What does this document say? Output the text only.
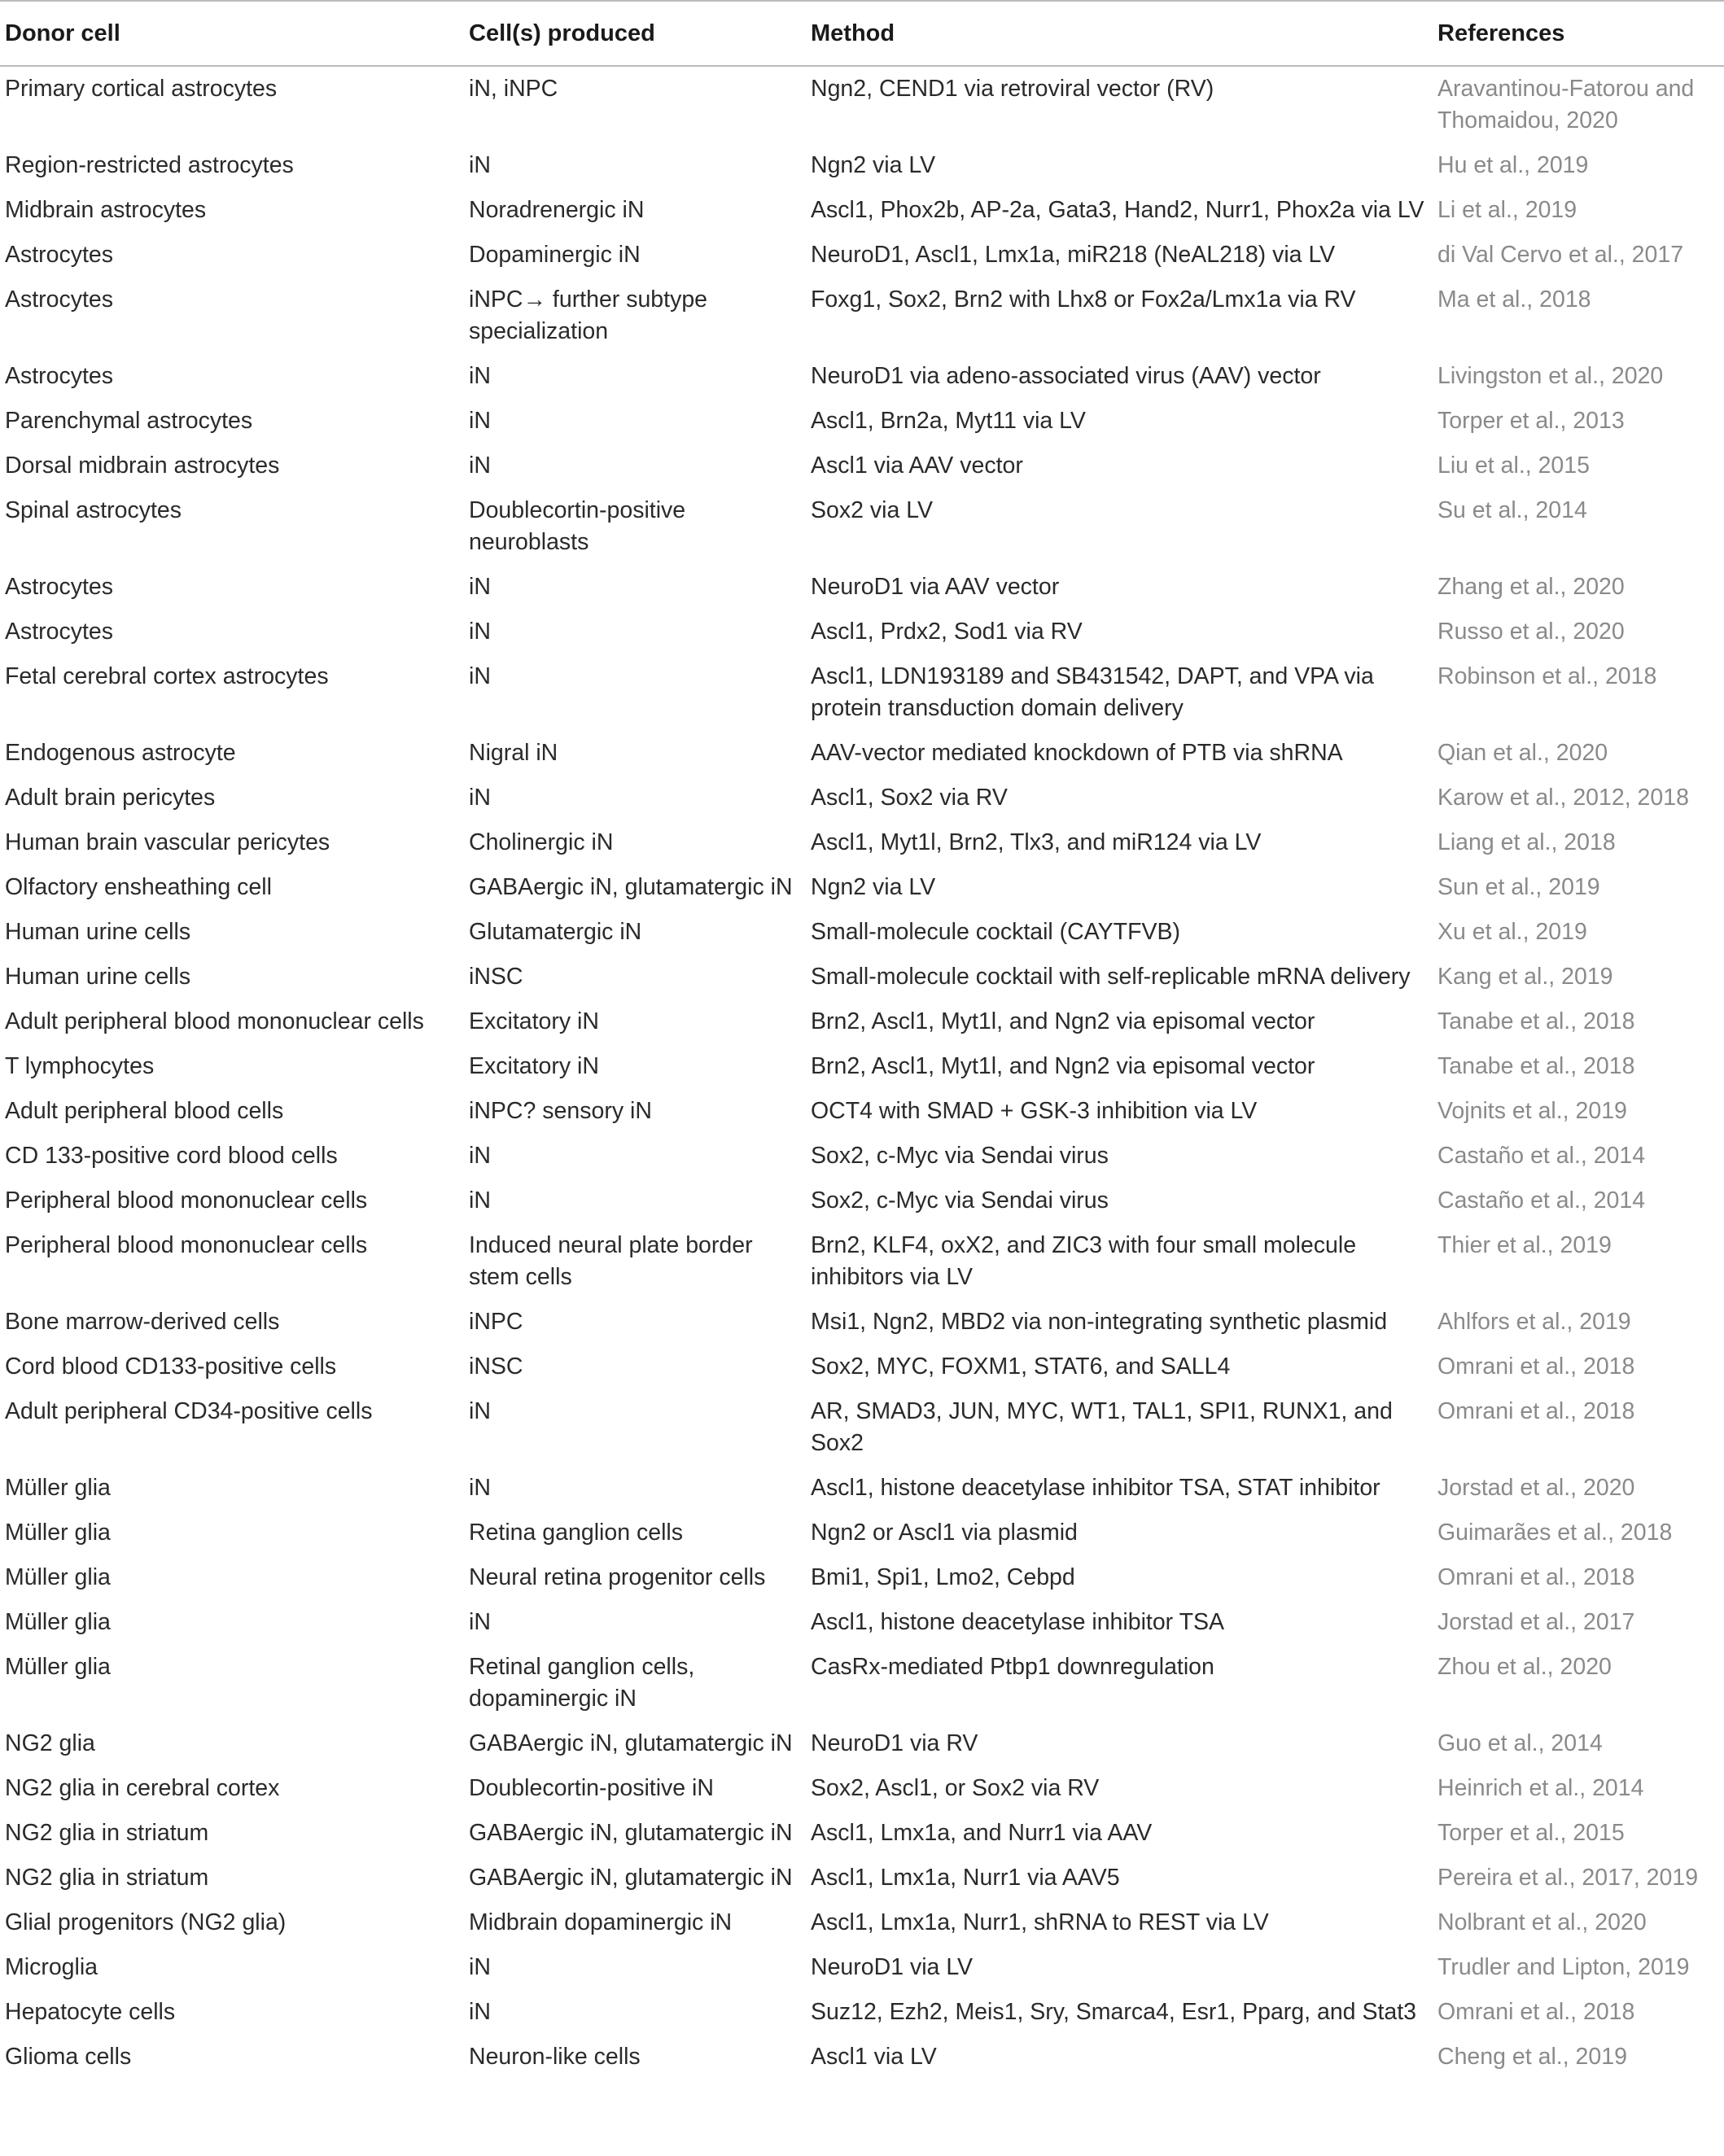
Donor cell	Cell(s) produced	Method	References
Primary cortical astrocytes	iN, iNPC	Ngn2, CEND1 via retroviral vector (RV)	Aravantinou-Fatorou and Thomaidou, 2020
Region-restricted astrocytes	iN	Ngn2 via LV	Hu et al., 2019
Midbrain astrocytes	Noradrenergic iN	Ascl1, Phox2b, AP-2a, Gata3, Hand2, Nurr1, Phox2a via LV	Li et al., 2019
Astrocytes	Dopaminergic iN	NeuroD1, Ascl1, Lmx1a, miR218 (NeAL218) via LV	di Val Cervo et al., 2017
Astrocytes	iNPC→ further subtype specialization	Foxg1, Sox2, Brn2 with Lhx8 or Fox2a/Lmx1a via RV	Ma et al., 2018
Astrocytes	iN	NeuroD1 via adeno-associated virus (AAV) vector	Livingston et al., 2020
Parenchymal astrocytes	iN	Ascl1, Brn2a, Myt11 via LV	Torper et al., 2013
Dorsal midbrain astrocytes	iN	Ascl1 via AAV vector	Liu et al., 2015
Spinal astrocytes	Doublecortin-positive neuroblasts	Sox2 via LV	Su et al., 2014
Astrocytes	iN	NeuroD1 via AAV vector	Zhang et al., 2020
Astrocytes	iN	Ascl1, Prdx2, Sod1 via RV	Russo et al., 2020
Fetal cerebral cortex astrocytes	iN	Ascl1, LDN193189 and SB431542, DAPT, and VPA via protein transduction domain delivery	Robinson et al., 2018
Endogenous astrocyte	Nigral iN	AAV-vector mediated knockdown of PTB via shRNA	Qian et al., 2020
Adult brain pericytes	iN	Ascl1, Sox2 via RV	Karow et al., 2012, 2018
Human brain vascular pericytes	Cholinergic iN	Ascl1, Myt1l, Brn2, Tlx3, and miR124 via LV	Liang et al., 2018
Olfactory ensheathing cell	GABAergic iN, glutamatergic iN	Ngn2 via LV	Sun et al., 2019
Human urine cells	Glutamatergic iN	Small-molecule cocktail (CAYTFVB)	Xu et al., 2019
Human urine cells	iNSC	Small-molecule cocktail with self-replicable mRNA delivery	Kang et al., 2019
Adult peripheral blood mononuclear cells	Excitatory iN	Brn2, Ascl1, Myt1l, and Ngn2 via episomal vector	Tanabe et al., 2018
T lymphocytes	Excitatory iN	Brn2, Ascl1, Myt1l, and Ngn2 via episomal vector	Tanabe et al., 2018
Adult peripheral blood cells	iNPC? sensory iN	OCT4 with SMAD + GSK-3 inhibition via LV	Vojnits et al., 2019
CD 133-positive cord blood cells	iN	Sox2, c-Myc via Sendai virus	Castaño et al., 2014
Peripheral blood mononuclear cells	iN	Sox2, c-Myc via Sendai virus	Castaño et al., 2014
Peripheral blood mononuclear cells	Induced neural plate border stem cells	Brn2, KLF4, oxX2, and ZIC3 with four small molecule inhibitors via LV	Thier et al., 2019
Bone marrow-derived cells	iNPC	Msi1, Ngn2, MBD2 via non-integrating synthetic plasmid	Ahlfors et al., 2019
Cord blood CD133-positive cells	iNSC	Sox2, MYC, FOXM1, STAT6, and SALL4	Omrani et al., 2018
Adult peripheral CD34-positive cells	iN	AR, SMAD3, JUN, MYC, WT1, TAL1, SPI1, RUNX1, and Sox2	Omrani et al., 2018
Müller glia	iN	Ascl1, histone deacetylase inhibitor TSA, STAT inhibitor	Jorstad et al., 2020
Müller glia	Retina ganglion cells	Ngn2 or Ascl1 via plasmid	Guimarães et al., 2018
Müller glia	Neural retina progenitor cells	Bmi1, Spi1, Lmo2, Cebpd	Omrani et al., 2018
Müller glia	iN	Ascl1, histone deacetylase inhibitor TSA	Jorstad et al., 2017
Müller glia	Retinal ganglion cells, dopaminergic iN	CasRx-mediated Ptbp1 downregulation	Zhou et al., 2020
NG2 glia	GABAergic iN, glutamatergic iN	NeuroD1 via RV	Guo et al., 2014
NG2 glia in cerebral cortex	Doublecortin-positive iN	Sox2, Ascl1, or Sox2 via RV	Heinrich et al., 2014
NG2 glia in striatum	GABAergic iN, glutamatergic iN	Ascl1, Lmx1a, and Nurr1 via AAV	Torper et al., 2015
NG2 glia in striatum	GABAergic iN, glutamatergic iN	Ascl1, Lmx1a, Nurr1 via AAV5	Pereira et al., 2017, 2019
Glial progenitors (NG2 glia)	Midbrain dopaminergic iN	Ascl1, Lmx1a, Nurr1, shRNA to REST via LV	Nolbrant et al., 2020
Microglia	iN	NeuroD1 via LV	Trudler and Lipton, 2019
Hepatocyte cells	iN	Suz12, Ezh2, Meis1, Sry, Smarca4, Esr1, Pparg, and Stat3	Omrani et al., 2018
Glioma cells	Neuron-like cells	Ascl1 via LV	Cheng et al., 2019
